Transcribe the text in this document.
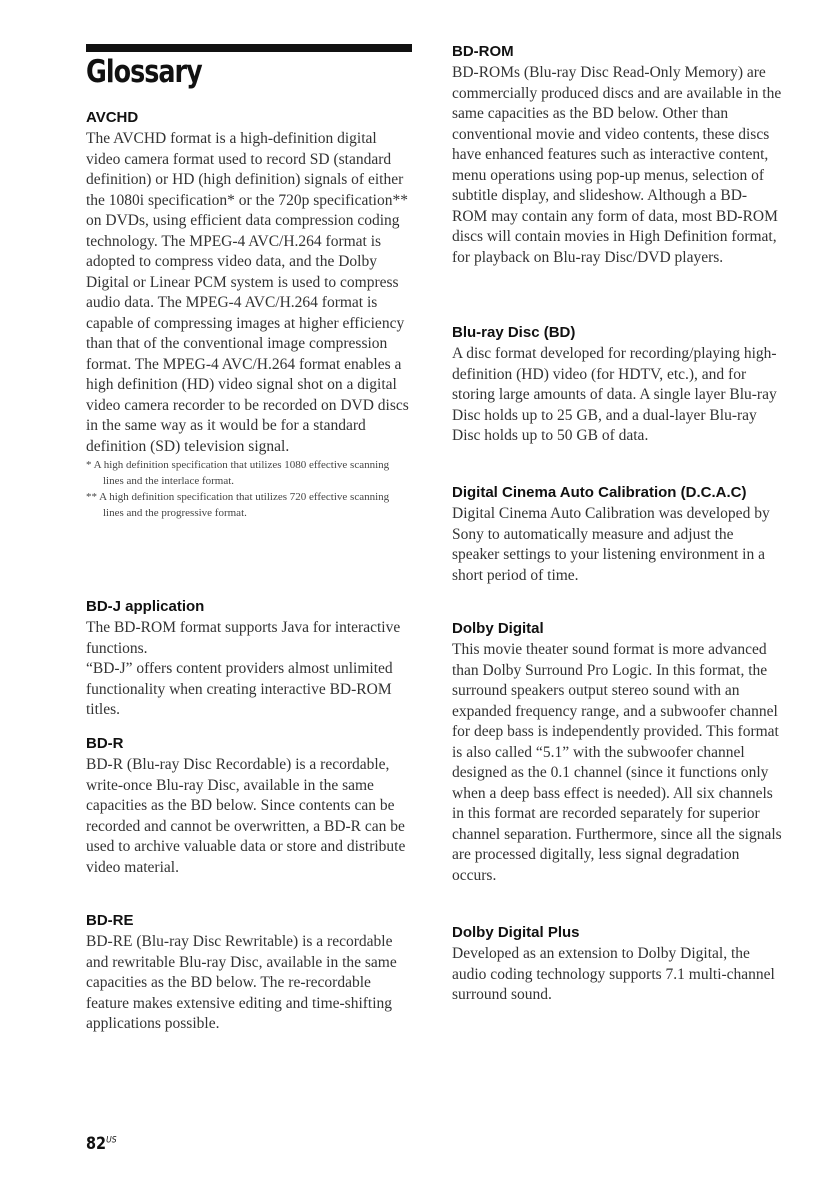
Glossary
AVCHD

The AVCHD format is a high-definition digital video camera format used to record SD (standard definition) or HD (high definition) signals of either the 1080i specification* or the 720p specification** on DVDs, using efficient data compression coding technology. The MPEG-4 AVC/H.264 format is adopted to compress video data, and the Dolby Digital or Linear PCM system is used to compress audio data. The MPEG-4 AVC/H.264 format is capable of compressing images at higher efficiency than that of the conventional image compression format. The MPEG-4 AVC/H.264 format enables a high definition (HD) video signal shot on a digital video camera recorder to be recorded on DVD discs in the same way as it would be for a standard definition (SD) television signal.

* A high definition specification that utilizes 1080 effective scanning lines and the interlace format.

** A high definition specification that utilizes 720 effective scanning lines and the progressive format.

BD-J application

The BD-ROM format supports Java for interactive functions.

“BD-J” offers content providers almost unlimited functionality when creating interactive BD-ROM titles.

BD-R

BD-R (Blu-ray Disc Recordable) is a recordable, write-once Blu-ray Disc, available in the same capacities as the BD below. Since contents can be recorded and cannot be overwritten, a BD-R can be used to archive valuable data or store and distribute video material.

BD-RE

BD-RE (Blu-ray Disc Rewritable) is a recordable and rewritable Blu-ray Disc, available in the same capacities as the BD below. The re-recordable feature makes extensive editing and time-shifting applications possible.

BD-ROM

BD-ROMs (Blu-ray Disc Read-Only Memory) are commercially produced discs and are available in the same capacities as the BD below. Other than conventional movie and video contents, these discs have enhanced features such as interactive content, menu operations using pop-up menus, selection of subtitle display, and slideshow. Although a BD-ROM may contain any form of data, most BD-ROM discs will contain movies in High Definition format, for playback on Blu-ray Disc/DVD players.

Blu-ray Disc (BD)

A disc format developed for recording/playing high-definition (HD) video (for HDTV, etc.), and for storing large amounts of data. A single layer Blu-ray Disc holds up to 25 GB, and a dual-layer Blu-ray Disc holds up to 50 GB of data.

Digital Cinema Auto Calibration (D.C.A.C)

Digital Cinema Auto Calibration was developed by Sony to automatically measure and adjust the speaker settings to your listening environment in a short period of time.

Dolby Digital

This movie theater sound format is more advanced than Dolby Surround Pro Logic. In this format, the surround speakers output stereo sound with an expanded frequency range, and a subwoofer channel for deep bass is independently provided. This format is also called “5.1” with the subwoofer channel designed as the 0.1 channel (since it functions only when a deep bass effect is needed). All six channels in this format are recorded separately for superior channel separation. Furthermore, since all the signals are processed digitally, less signal degradation occurs.

Dolby Digital Plus

Developed as an extension to Dolby Digital, the audio coding technology supports 7.1 multi-channel surround sound.

$82^{US}$
